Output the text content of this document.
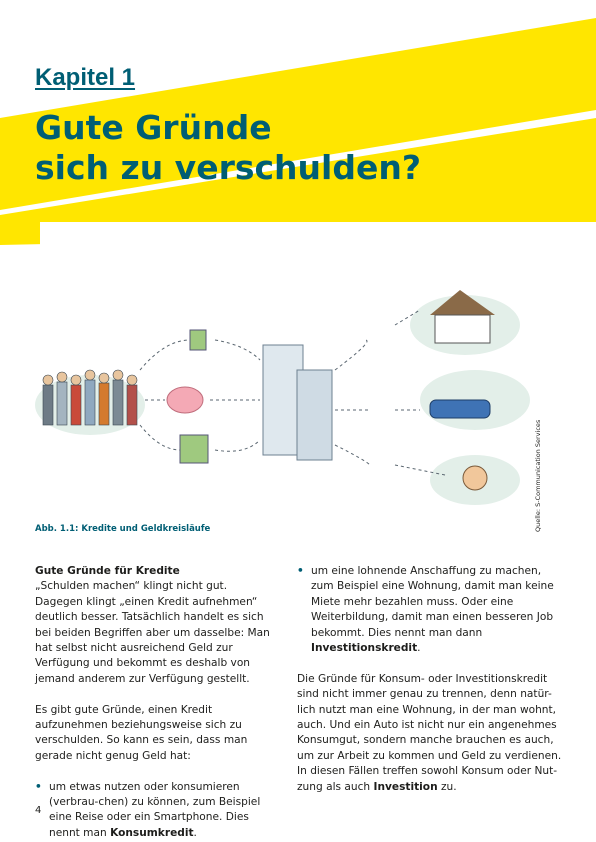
Kapitel 1
Gute Gründe
sich zu verschulden?
Abb. 1.1: Kredite und Geldkreisläufe	Quelle: S-Communication Services

Gute Gründe für Kredite

„Schulden machen“ klingt nicht gut. Dagegen klingt „einen Kredit aufnehmen“ deutlich besser. Tatsächlich handelt es sich bei beiden Begriffen aber um dasselbe: Man hat selbst nicht ausreichend Geld zur Verfügung und bekommt es deshalb von jemand anderem zur Verfügung gestellt.

Es gibt gute Gründe, einen Kredit aufzunehmen beziehungsweise sich zu verschulden. So kann es sein, dass man gerade nicht genug Geld hat:

• um etwas nutzen oder konsumieren (verbrau-chen) zu können, zum Beispiel eine Reise oder ein Smartphone. Dies nennt man Konsumkredit.

• um eine lohnende Anschaffung zu machen, zum Beispiel eine Wohnung, damit man keine Miete mehr bezahlen muss. Oder eine Weiterbildung, damit man einen besseren Job bekommt. Dies nennt man dann Investitionskredit.

Die Gründe für Konsum- oder Investitionskredit sind nicht immer genau zu trennen, denn natür-lich nutzt man eine Wohnung, in der man wohnt, auch. Und ein Auto ist nicht nur ein angenehmes Konsumgut, sondern manche brauchen es auch, um zur Arbeit zu kommen und Geld zu verdienen. In diesen Fällen treffen sowohl Konsum oder Nut-zung als auch Investition zu.

4
